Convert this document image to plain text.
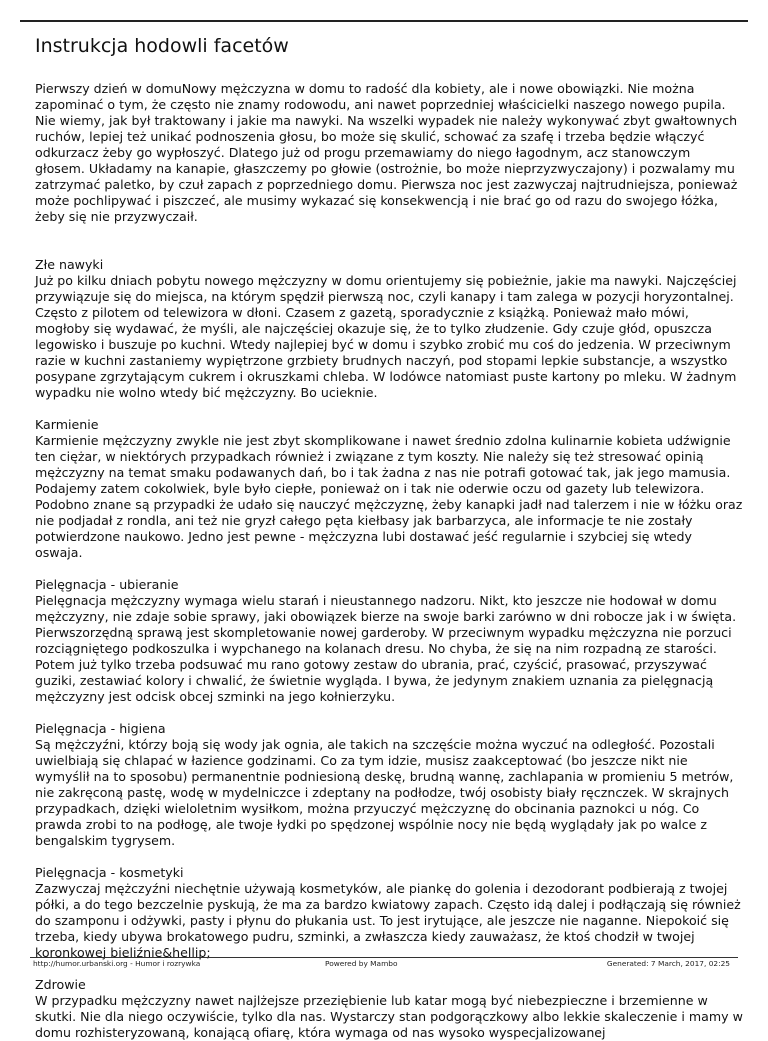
Instrukcja hodowli facetów

Pierwszy dzień w domuNowy mężczyzna w domu to radość dla kobiety, ale i nowe obowiązki. Nie można zapominać o tym, że często nie znamy rodowodu, ani nawet poprzedniej właścicielki naszego nowego pupila. Nie wiemy, jak był traktowany i jakie ma nawyki. Na wszelki wypadek nie należy wykonywać zbyt gwałtownych ruchów, lepiej też unikać podnoszenia głosu, bo może się skulić, schować za szafę i trzeba będzie włączyć odkurzacz żeby go wypłoszyć. Dlatego już od progu przemawiamy do niego łagodnym, acz stanowczym głosem. Układamy na kanapie, głaszczemy po głowie (ostrożnie, bo może nieprzyzwyczajony) i pozwalamy mu zatrzymać paletko, by czuł zapach z poprzedniego domu. Pierwsza noc jest zazwyczaj najtrudniejsza, ponieważ może pochlipywać i piszczeć, ale musimy wykazać się konsekwencją i nie brać go od razu do swojego łóżka, żeby się nie przyzwyczaił.

Złe nawyki
Już po kilku dniach pobytu nowego mężczyzny w domu orientujemy się pobieżnie, jakie ma nawyki. Najczęściej przywiązuje się do miejsca, na którym spędził pierwszą noc, czyli kanapy i tam zalega w pozycji horyzontalnej. Często z pilotem od telewizora w dłoni. Czasem z gazetą, sporadycznie z książką. Ponieważ mało mówi, mogłoby się wydawać, że myśli, ale najczęściej okazuje się, że to tylko złudzenie. Gdy czuje głód, opuszcza legowisko i buszuje po kuchni. Wtedy najlepiej być w domu i szybko zrobić mu coś do jedzenia. W przeciwnym razie w kuchni zastaniemy wypiętrzone grzbiety brudnych naczyń, pod stopami lepkie substancje, a wszystko posypane zgrzytającym cukrem i okruszkami chleba. W lodówce natomiast puste kartony po mleku. W żadnym wypadku nie wolno wtedy bić mężczyzny. Bo ucieknie.
Karmienie
Karmienie mężczyzny zwykle nie jest zbyt skomplikowane i nawet średnio zdolna kulinarnie kobieta udźwignie ten ciężar, w niektórych przypadkach również i związane z tym koszty. Nie należy się też stresować opinią mężczyzny na temat smaku podawanych dań, bo i tak żadna z nas nie potrafi gotować tak, jak jego mamusia. Podajemy zatem cokolwiek, byle było ciepłe, ponieważ on i tak nie oderwie oczu od gazety lub telewizora. Podobno znane są przypadki że udało się nauczyć mężczyznę, żeby kanapki jadł nad talerzem i nie w łóżku oraz nie podjadał z rondla, ani też nie gryzł całego pęta kiełbasy jak barbarzyca, ale informacje te nie zostały potwierdzone naukowo. Jedno jest pewne - mężczyzna lubi dostawać jeść regularnie i szybciej się wtedy oswaja.
Pielęgnacja - ubieranie
Pielęgnacja mężczyzny wymaga wielu starań i nieustannego nadzoru. Nikt, kto jeszcze nie hodował w domu mężczyzny, nie zdaje sobie sprawy, jaki obowiązek bierze na swoje barki zarówno w dni robocze jak i w święta. Pierwszorzędną sprawą jest skompletowanie nowej garderoby. W przeciwnym wypadku mężczyzna nie porzuci rozciągniętego podkoszulka i wypchanego na kolanach dresu. No chyba, że się na nim rozpadną ze starości. Potem już tylko trzeba podsuwać mu rano gotowy zestaw do ubrania, prać, czyścić, prasować, przyszywać guziki, zestawiać kolory i chwalić, że świetnie wygląda. I bywa, że jedynym znakiem uznania za pielęgnacją mężczyzny jest odcisk obcej szminki na jego kołnierzyku.
Pielęgnacja - higiena
Są mężczyźni, którzy boją się wody jak ognia, ale takich na szczęście można wyczuć na odległość. Pozostali uwielbiają się chlapać w łazience godzinami. Co za tym idzie, musisz zaakceptować (bo jeszcze nikt nie wymyślił na to sposobu) permanentnie podniesioną deskę, brudną wannę, zachlapania w promieniu 5 metrów, nie zakręconą pastę, wodę w mydelniczce i zdeptany na podłodze, twój osobisty biały ręcznczek. W skrajnych przypadkach, dzięki wieloletnim wysiłkom, można przyuczyć mężczyznę do obcinania paznokci u nóg. Co prawda zrobi to na podłogę, ale twoje łydki po spędzonej wspólnie nocy nie będą wyglądały jak po walce z bengalskim tygrysem.
Pielęgnacja - kosmetyki
Zazwyczaj mężczyźni niechętnie używają kosmetyków, ale piankę do golenia i dezodorant podbierają z twojej półki, a do tego bezczelnie pyskują, że ma za bardzo kwiatowy zapach. Często idą dalej i podłączają się również do szamponu i odżywki, pasty i płynu do płukania ust. To jest irytujące, ale jeszcze nie naganne. Niepokoić się trzeba, kiedy ubywa brokatowego pudru, szminki, a zwłaszcza kiedy zauważasz, że ktoś chodził w twojej koronkowej bieliźnie&hellip;
Zdrowie
W przypadku mężczyzny nawet najlżejsze przeziębienie lub katar mogą być niebezpieczne i brzemienne w skutki. Nie dla niego oczywiście, tylko dla nas. Wystarczy stan podgorączkowy albo lekkie skaleczenie i mamy w domu rozhisteryzowaną, konającą ofiarę, która wymaga od nas wysoko wyspecjalizowanej
http://humor.urbanski.org - Humor i rozrywka	Powered by Mambo	Generated: 7 March, 2017, 02:25
